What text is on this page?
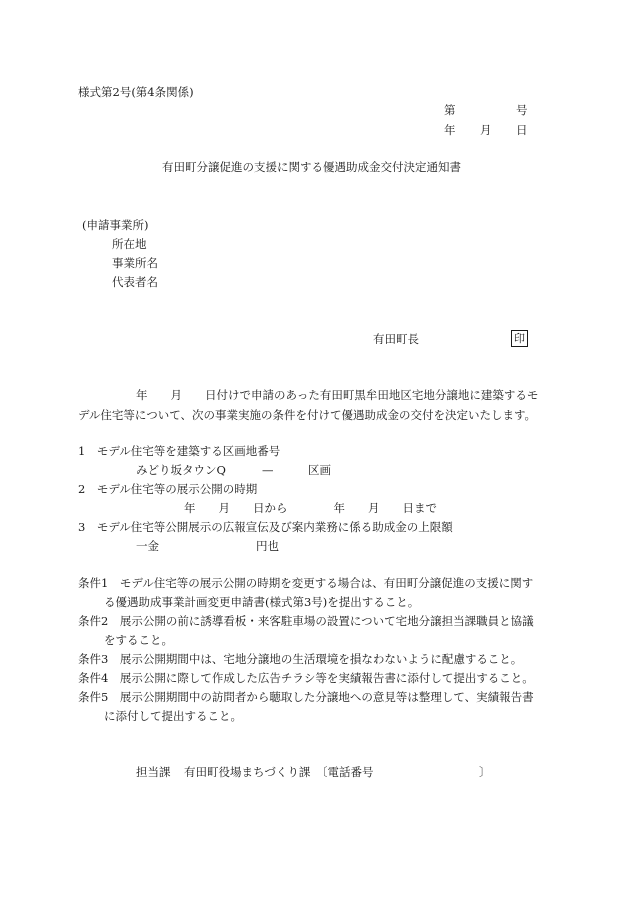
様式第2号(第4条関係)
第	号
年 月 日
有田町分譲促進の支援に関する優遇助成金交付決定通知書
(申請事業所)
所在地
事業所名
代表者名
有田町長	印
年　　月　　日付けで申請のあった有田町黒牟田地区宅地分譲地に建築するモ
デル住宅等について、次の事業実施の条件を付けて優遇助成金の交付を決定いたします。
1　モデル住宅等を建築する区画地番号
みどり坂タウンQ	—	区画
2　モデル住宅等の展示公開の時期
年　　月　　日から　　　　年　　月　　日まで
3　モデル住宅等公開展示の広報宣伝及び案内業務に係る助成金の上限額
一金	円也
条件1　モデル住宅等の展示公開の時期を変更する場合は、有田町分譲促進の支援に関す
る優遇助成事業計画変更申請書(様式第3号)を提出すること。
条件2　展示公開の前に誘導看板・来客駐車場の設置について宅地分譲担当課職員と協議
をすること。
条件3　展示公開期間中は、宅地分譲地の生活環境を損なわないように配慮すること。
条件4　展示公開に際して作成した広告チラシ等を実績報告書に添付して提出すること。
条件5　展示公開期間中の訪問者から聴取した分譲地への意見等は整理して、実績報告書
に添付して提出すること。
担当課 有田町役場まちづくり課 〔電話番号	〕
